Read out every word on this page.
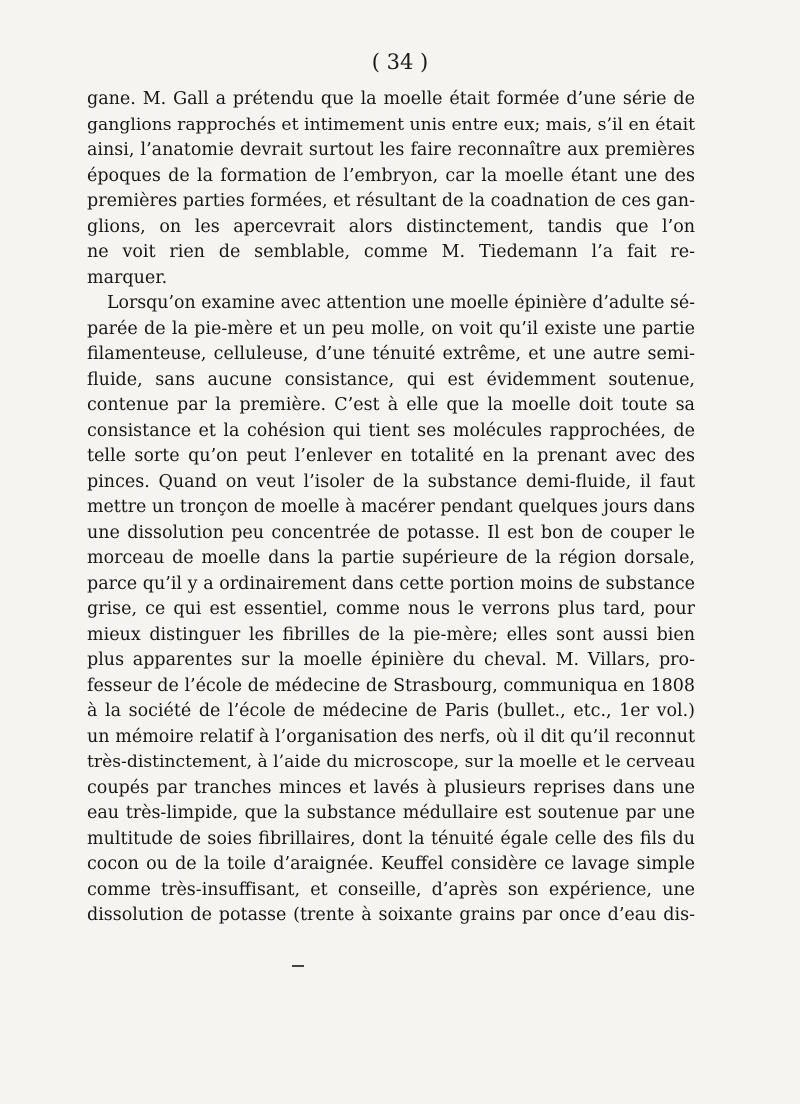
( 34 )
gane. M. Gall a prétendu que la moelle était formée d’une série de
ganglions rapprochés et intimement unis entre eux; mais, s’il en était
ainsi, l’anatomie devrait surtout les faire reconnaître aux premières
époques de la formation de l’embryon, car la moelle étant une des
premières parties formées, et résultant de la coadnation de ces gan-
glions, on les apercevrait alors distinctement, tandis que l’on
ne voit rien de semblable, comme M. Tiedemann l’a fait re-
marquer.
Lorsqu’on examine avec attention une moelle épinière d’adulte sé-
parée de la pie-mère et un peu molle, on voit qu’il existe une partie
filamenteuse, celluleuse, d’une ténuité extrême, et une autre semi-
fluide, sans aucune consistance, qui est évidemment soutenue,
contenue par la première. C’est à elle que la moelle doit toute sa
consistance et la cohésion qui tient ses molécules rapprochées, de
telle sorte qu’on peut l’enlever en totalité en la prenant avec des
pinces. Quand on veut l’isoler de la substance demi-fluide, il faut
mettre un tronçon de moelle à macérer pendant quelques jours dans
une dissolution peu concentrée de potasse. Il est bon de couper le
morceau de moelle dans la partie supérieure de la région dorsale,
parce qu’il y a ordinairement dans cette portion moins de substance
grise, ce qui est essentiel, comme nous le verrons plus tard, pour
mieux distinguer les fibrilles de la pie-mère; elles sont aussi bien
plus apparentes sur la moelle épinière du cheval. M. Villars, pro-
fesseur de l’école de médecine de Strasbourg, communiqua en 1808
à la société de l’école de médecine de Paris (bullet., etc., 1er vol.)
un mémoire relatif à l’organisation des nerfs, où il dit qu’il reconnut
très-distinctement, à l’aide du microscope, sur la moelle et le cerveau
coupés par tranches minces et lavés à plusieurs reprises dans une
eau très-limpide, que la substance médullaire est soutenue par une
multitude de soies fibrillaires, dont la ténuité égale celle des fils du
cocon ou de la toile d’araignée. Keuffel considère ce lavage simple
comme très-insuffisant, et conseille, d’après son expérience, une
dissolution de potasse (trente à soixante grains par once d’eau dis-
